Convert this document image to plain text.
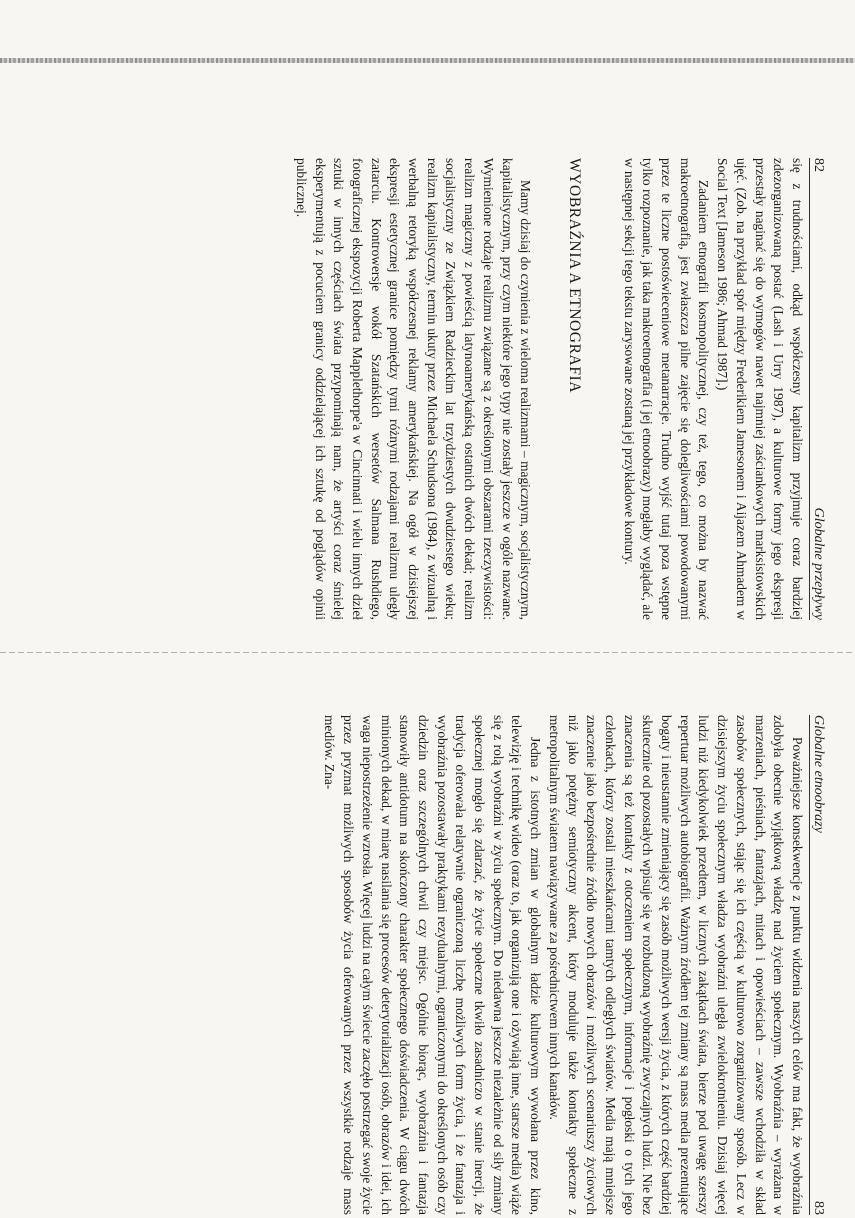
82
Globalne przepływy

się z trudnościami, odkąd współczesny kapitalizm przyjmuje coraz bardziej zdezorganizowaną postać (Lash i Urry 1987), a kulturowe formy jego ekspresji przestały naginać się do wymogów nawet najmniej zaściankowych marksistowskich ujęć. (Zob. na przykład spór między Frederikiem Jamesonem i Aijazem Ahmadem w Social Text [Jameson 1986; Ahmad 1987].)

Zadaniem etnografii kosmopolitycznej, czy też, tego, co można by nazwać makroetnografią, jest zwłaszcza pilne zajęcie się dolegliwościami powodowanymi przez te liczne postoświeceniowe metanarracje. Trudno wyjść tutaj poza wstępne tylko rozpoznanie, jak taka makroetnografia (i jej etnoobrazy) mogłaby wyglądać, ale w następnej sekcji tego tekstu zarysowane zostaną jej przykładowe kontury.

WYOBRAŹNIA A ETNOGRAFIA

Mamy dzisiaj do czynienia z wieloma realizmami – magicznym, socjalistycznym, kapitalistycznym, przy czym niektóre jego typy nie zostały jeszcze w ogóle nazwane. Wymienione rodzaje realizmu związane są z określonymi obszarami rzeczywistości: realizm magiczny z powieścią latynoamerykańską ostatnich dwóch dekad; realizm socjalistyczny ze Związkiem Radzieckim lat trzydziestych dwudziestego wieku; realizm kapitalistyczny, termin ukuty przez Michaela Schudsona (1984), z wizualną i werbalną retoryką współczesnej reklamy amerykańskiej. Na ogół w dzisiejszej ekspresji estetycznej granice pomiędzy tymi różnymi rodzajami realizmu uległy zatarciu. Kontrowersje wokół Szatańskich wersetów Salmana Rushdiego, fotograficznej ekspozycji Roberta Mapplethorpe'a w Cincinnati i wielu innych dzieł sztuki w innych częściach świata przypominają nam, że artyści coraz śmielej eksperymentują z pocuciem granicy oddzielającej ich sztukę od poglądów opinii publicznej.

Globalne etnoobrazy
83

Poważniejsze konsekwencje z punktu widzenia naszych celów ma fakt, że wyobraźnia zdobyła obecnie wyjątkową władzę nad życiem społecznym. Wyobraźnia – wyrażana w marzeniach, pieśniach, fantazjach, mitach i opowieściach – zawsze wchodziła w skład zasobów społecznych, stając się ich częścią w kulturowo zorganizowany sposób. Lecz w dzisiejszym życiu społecznym władza wyobraźni uległa zwielokrotnieniu. Dzisiaj więcej ludzi niż kiedykolwiek przedtem, w licznych zakątkach świata, bierze pod uwagę szerszy repertuar możliwych autobiografii. Ważnym źródłem tej zmiany są mass media prezentujące bogaty i nieustannie zmieniający się zasób możliwych wersji życia, z których część bardziej skutecznie od pozostałych wpisuje się w rozbudzoną wyobraźnię zwyczajnych ludzi. Nie bez znaczenia są też kontakty z otoczeniem społecznym, informacje i pogłoski o tych jego członkach, którzy zostali mieszkańcami tamtych odległych światów. Media mają mniejsze znaczenie jako bezpośrednie źródło nowych obrazów i możliwych scenariuszy życiowych niż jako potężny semiotyczny akcent, który moduluje także kontakty społeczne z metropolitalnym światem nawiązywane za pośrednictwem innych kanałów.

Jedna z istotnych zmian w globalnym ładzie kulturowym wywołana przez kino, telewizję i technikę wideo (oraz to, jak organizują one i ożywiają inne, starsze media) wiąże się z rolą wyobraźni w życiu społecznym. Do niedawna jeszcze niezależnie od siły zmiany społecznej mogło się zdarzać, że życie społeczne tkwiło zasadniczo w stanie inercji, że tradycja oferowała relatywnie ograniczoną liczbę możliwych form życia, i że fantazja i wyobraźnia pozostawały praktykami rezydualnymi, ograniczonymi do określonych osób czy dziedzin oraz szczególnych chwil czy miejsc. Ogólnie biorąc, wyobraźnia i fantazja stanowiły antidotum na skończony charakter społecznego doświadczenia. W ciągu dwóch minionych dekad, w miarę nasilania się procesów deterytorializacji osób, obrazów i idei, ich waga niepostrzeżenie wzrosła. Więcej ludzi na całym świecie zaczęło postrzegać swoje życie przez pryzmat możliwych sposobów życia oferowanych przez wszystkie rodzaje mass mediów. Zna-
